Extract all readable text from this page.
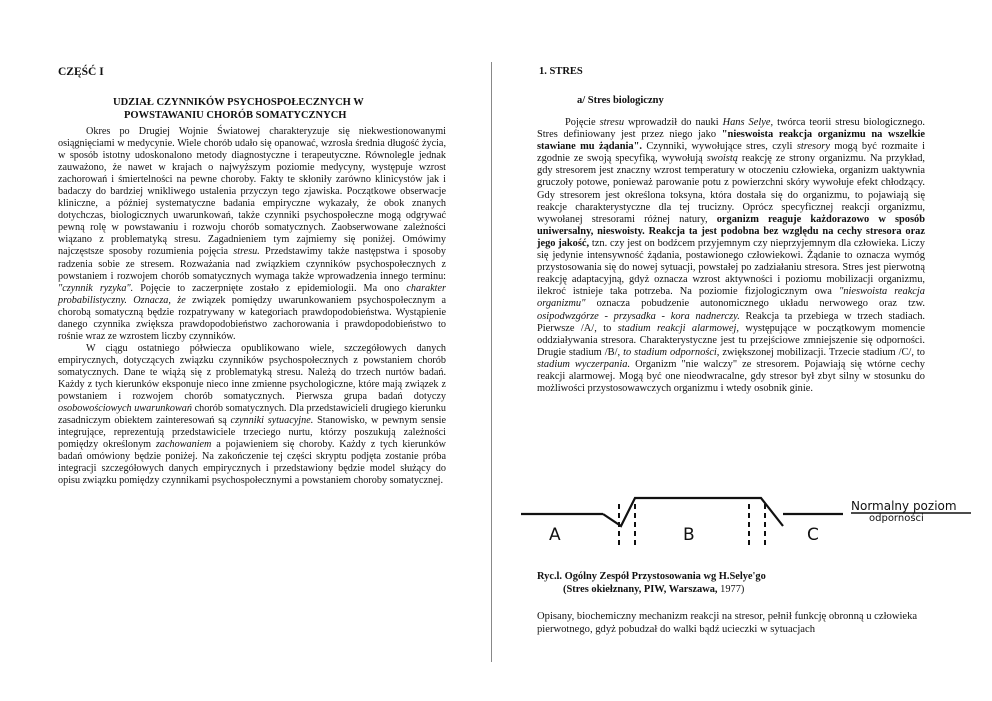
CZĘŚĆ I
UDZIAŁ CZYNNIKÓW PSYCHOSPOŁECZNYCH W
POWSTAWANIU CHORÓB SOMATYCZNYCH

Okres po Drugiej Wojnie Światowej charakteryzuje się niekwestionowanymi osiągnięciami w medycynie. Wiele chorób udało się opanować, wzrosła średnia długość życia, w sposób istotny udoskonalono metody diagnostyczne i terapeutyczne. Równolegle jednak zauważono, że nawet w krajach o najwyższym poziomie medycyny, występuje wzrost zachorowań i śmiertelności na pewne choroby. Fakty te skłoniły zarówno klinicystów jak i badaczy do bardziej wnikliwego ustalenia przyczyn tego zjawiska. Początkowe obserwacje kliniczne, a później systematyczne badania empiryczne wykazały, że obok znanych dotychczas, biologicznych uwarunkowań, także czynniki psychospołeczne mogą odgrywać pewną rolę w powstawaniu i rozwoju chorób somatycznych. Zaobserwowane zależności wiązano z problematyką stresu. Zagadnieniem tym zajmiemy się poniżej. Omówimy najczęstsze sposoby rozumienia pojęcia stresu. Przedstawimy także następstwa i sposoby radzenia sobie ze stresem. Rozważania nad związkiem czynników psychospołecznych z powstaniem i rozwojem chorób somatycznych wymaga także wprowadzenia innego terminu: "czynnik ryzyka". Pojęcie to zaczerpnięte zostało z epidemiologii. Ma ono charakter probabilistyczny. Oznacza, że związek pomiędzy uwarunkowaniem psychospołecznym a chorobą somatyczną będzie rozpatrywany w kategoriach prawdopodobieństwa. Wystąpienie danego czynnika zwiększa prawdopodobieństwo zachorowania i prawdopodobieństwo to rośnie wraz ze wzrostem liczby czynników.

W ciągu ostatniego półwiecza opublikowano wiele, szczegółowych danych empirycznych, dotyczących związku czynników psychospołecznych z powstaniem chorób somatycznych. Dane te wiążą się z problematyką stresu. Należą do trzech nurtów badań. Każdy z tych kierunków eksponuje nieco inne zmienne psychologiczne, które mają związek z powstaniem i rozwojem chorób somatycznych. Pierwsza grupa badań dotyczy osobowościowych uwarunkowań chorób somatycznych. Dla przedstawicieli drugiego kierunku zasadniczym obiektem zainteresowań są czynniki sytuacyjne. Stanowisko, w pewnym sensie integrujące, reprezentują przedstawiciele trzeciego nurtu, którzy poszukują zależności pomiędzy określonym zachowaniem a pojawieniem się choroby. Każdy z tych kierunków badań omówiony będzie poniżej. Na zakończenie tej części skryptu podjęta zostanie próba integracji szczegółowych danych empirycznych i przedstawiony będzie model służący do opisu związku pomiędzy czynnikami psychospołecznymi a powstaniem choroby somatycznej.

1. STRES
a/ Stres biologiczny

Pojęcie stresu wprowadził do nauki Hans Selye, twórca teorii stresu biologicznego. Stres definiowany jest przez niego jako "nieswoista reakcja organizmu na wszelkie stawiane mu żądania". Czynniki, wywołujące stres, czyli stresory mogą być rozmaite i zgodnie ze swoją specyfiką, wywołują swoistą reakcję ze strony organizmu. Na przykład, gdy stresorem jest znaczny wzrost temperatury w otoczeniu człowieka, organizm uaktywnia gruczoły potowe, ponieważ parowanie potu z powierzchni skóry wywołuje efekt chłodzący. Gdy stresorem jest określona toksyna, która dostała się do organizmu, to pojawiają się reakcje charakterystyczne dla tej trucizny. Oprócz specyficznej reakcji organizmu, wywołanej stresorami różnej natury, organizm reaguje każdorazowo w sposób uniwersalny, nieswoisty. Reakcja ta jest podobna bez względu na cechy stresora oraz jego jakość, tzn. czy jest on bodźcem przyjemnym czy nieprzyjemnym dla człowieka. Liczy się jedynie intensywność żądania, postawionego człowiekowi. Żądanie to oznacza wymóg przystosowania się do nowej sytuacji, powstałej po zadziałaniu stresora. Stres jest pierwotną reakcję adaptacyjną, gdyż oznacza wzrost aktywności i poziomu mobilizacji organizmu, ilekroć istnieje taka potrzeba. Na poziomie fizjologicznym owa "nieswoista reakcja organizmu" oznacza pobudzenie autonomicznego układu nerwowego oraz tzw. osipodwzgórze - przysadka - kora nadnerczy. Reakcja ta przebiega w trzech stadiach. Pierwsze /A/, to stadium reakcji alarmowej, występujące w początkowym momencie oddziaływania stresora. Charakterystyczne jest tu przejściowe zmniejszenie się odporności. Drugie stadium /B/, to stadium odporności, zwiększonej mobilizacji. Trzecie stadium /C/, to stadium wyczerpania. Organizm "nie walczy" ze stresorem. Pojawiają się wtórne cechy reakcji alarmowej. Mogą być one nieodwracalne, gdy stresor był zbyt silny w stosunku do możliwości przystosowawczych organizmu i wtedy osobnik ginie.

A	B	C
Normalny poziom
odporności
Ryc.l. Ogólny Zespół Przystosowania wg H.Selye'go
(Stres okiełznany, PIW, Warszawa, 1977)
Opisany, biochemiczny mechanizm reakcji na stresor, pełnił funkcję obronną u człowieka pierwotnego, gdyż pobudzał do walki bądź ucieczki w sytuacjach
